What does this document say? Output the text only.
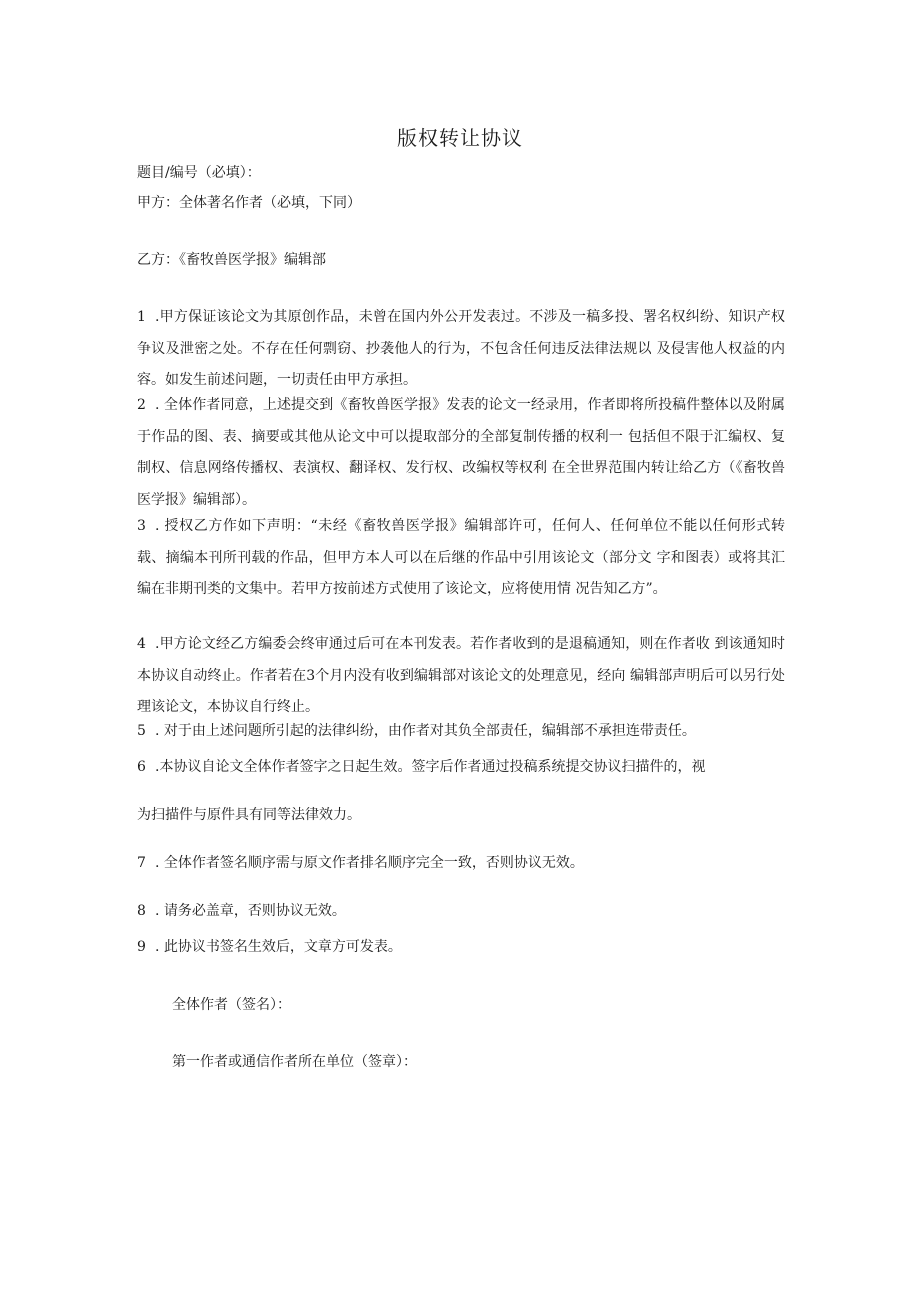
版权转让协议
题目/编号（必填）：
甲方：全体著名作者（必填，下同）
乙方：《畜牧兽医学报》编辑部
1 .甲方保证该论文为其原创作品，未曾在国内外公开发表过。不涉及一稿多投、署名权纠纷、知识产权争议及泄密之处。不存在任何剽窃、抄袭他人的行为，不包含任何违反法律法规以 及侵害他人权益的内容。如发生前述问题，一切责任由甲方承担。
2 . 全体作者同意，上述提交到《畜牧兽医学报》发表的论文一经录用，作者即将所投稿件整体以及附属于作品的图、表、摘要或其他从论文中可以提取部分的全部复制传播的权利一 包括但不限于汇编权、复制权、信息网络传播权、表演权、翻译权、发行权、改编权等权利 在全世界范围内转让给乙方（《畜牧兽医学报》编辑部）。
3 . 授权乙方作如下声明：“未经《畜牧兽医学报》编辑部许可，任何人、任何单位不能以任何形式转载、摘编本刊所刊载的作品，但甲方本人可以在后继的作品中引用该论文（部分文 字和图表）或将其汇编在非期刊类的文集中。若甲方按前述方式使用了该论文，应将使用情 况告知乙方”。
4 .甲方论文经乙方编委会终审通过后可在本刊发表。若作者收到的是退稿通知，则在作者收 到该通知时本协议自动终止。作者若在3个月内没有收到编辑部对该论文的处理意见，经向 编辑部声明后可以另行处理该论文，本协议自行终止。
5 . 对于由上述问题所引起的法律纠纷，由作者对其负全部责任，编辑部不承担连带责任。
6 .本协议自论文全体作者签字之日起生效。签字后作者通过投稿系统提交协议扫描件的，视
为扫描件与原件具有同等法律效力。
7 . 全体作者签名顺序需与原文作者排名顺序完全一致，否则协议无效。
8 . 请务必盖章，否则协议无效。
9 . 此协议书签名生效后，文章方可发表。
全体作者（签名）：
第一作者或通信作者所在单位（签章）：
